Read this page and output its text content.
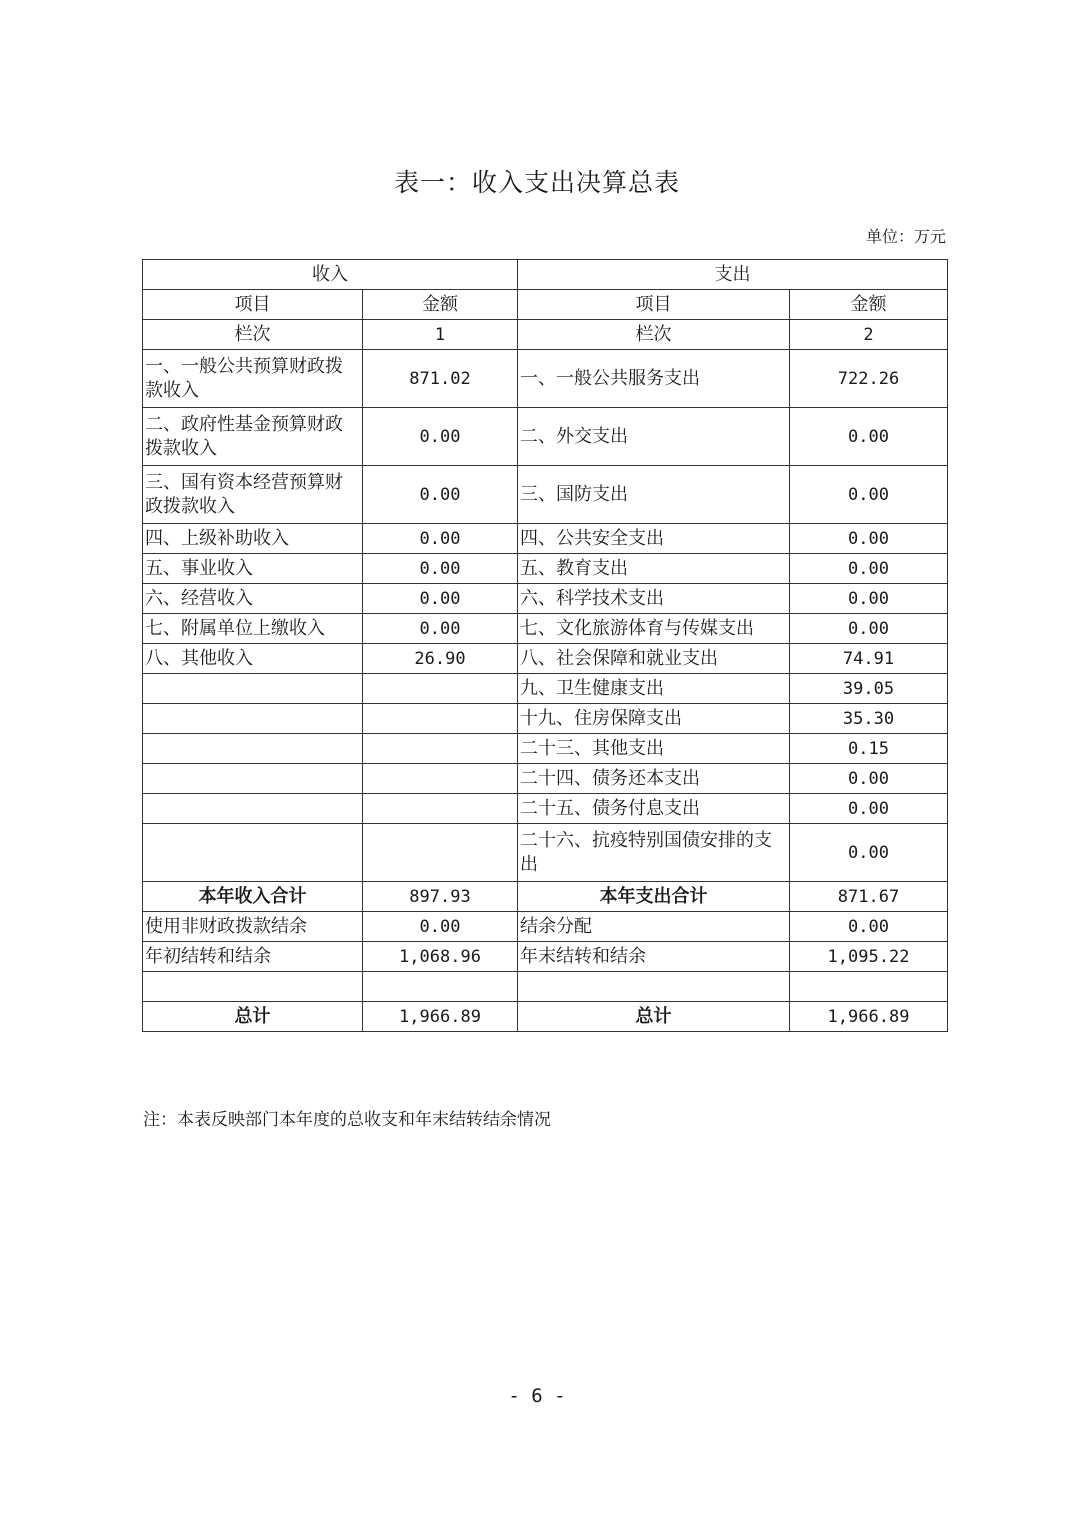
表一：收入支出决算总表
单位：万元
收入		支出	
项目	金额	项目	金额
栏次	1	栏次	2
一、一般公共预算财政拨款收入	871.02	一、一般公共服务支出	722.26
二、政府性基金预算财政拨款收入	0.00	二、外交支出	0.00
三、国有资本经营预算财政拨款收入	0.00	三、国防支出	0.00
四、上级补助收入	0.00	四、公共安全支出	0.00
五、事业收入	0.00	五、教育支出	0.00
六、经营收入	0.00	六、科学技术支出	0.00
七、附属单位上缴收入	0.00	七、文化旅游体育与传媒支出	0.00
八、其他收入	26.90	八、社会保障和就业支出	74.91
		九、卫生健康支出	39.05
		十九、住房保障支出	35.30
		二十三、其他支出	0.15
		二十四、债务还本支出	0.00
		二十五、债务付息支出	0.00
		二十六、抗疫特别国债安排的支出	0.00
本年收入合计	897.93	本年支出合计	871.67
使用非财政拨款结余	0.00	结余分配	0.00
年初结转和结余	1,068.96	年末结转和结余	1,095.22

总计	1,966.89	总计	1,966.89
注：本表反映部门本年度的总收支和年末结转结余情况
- 6 -
